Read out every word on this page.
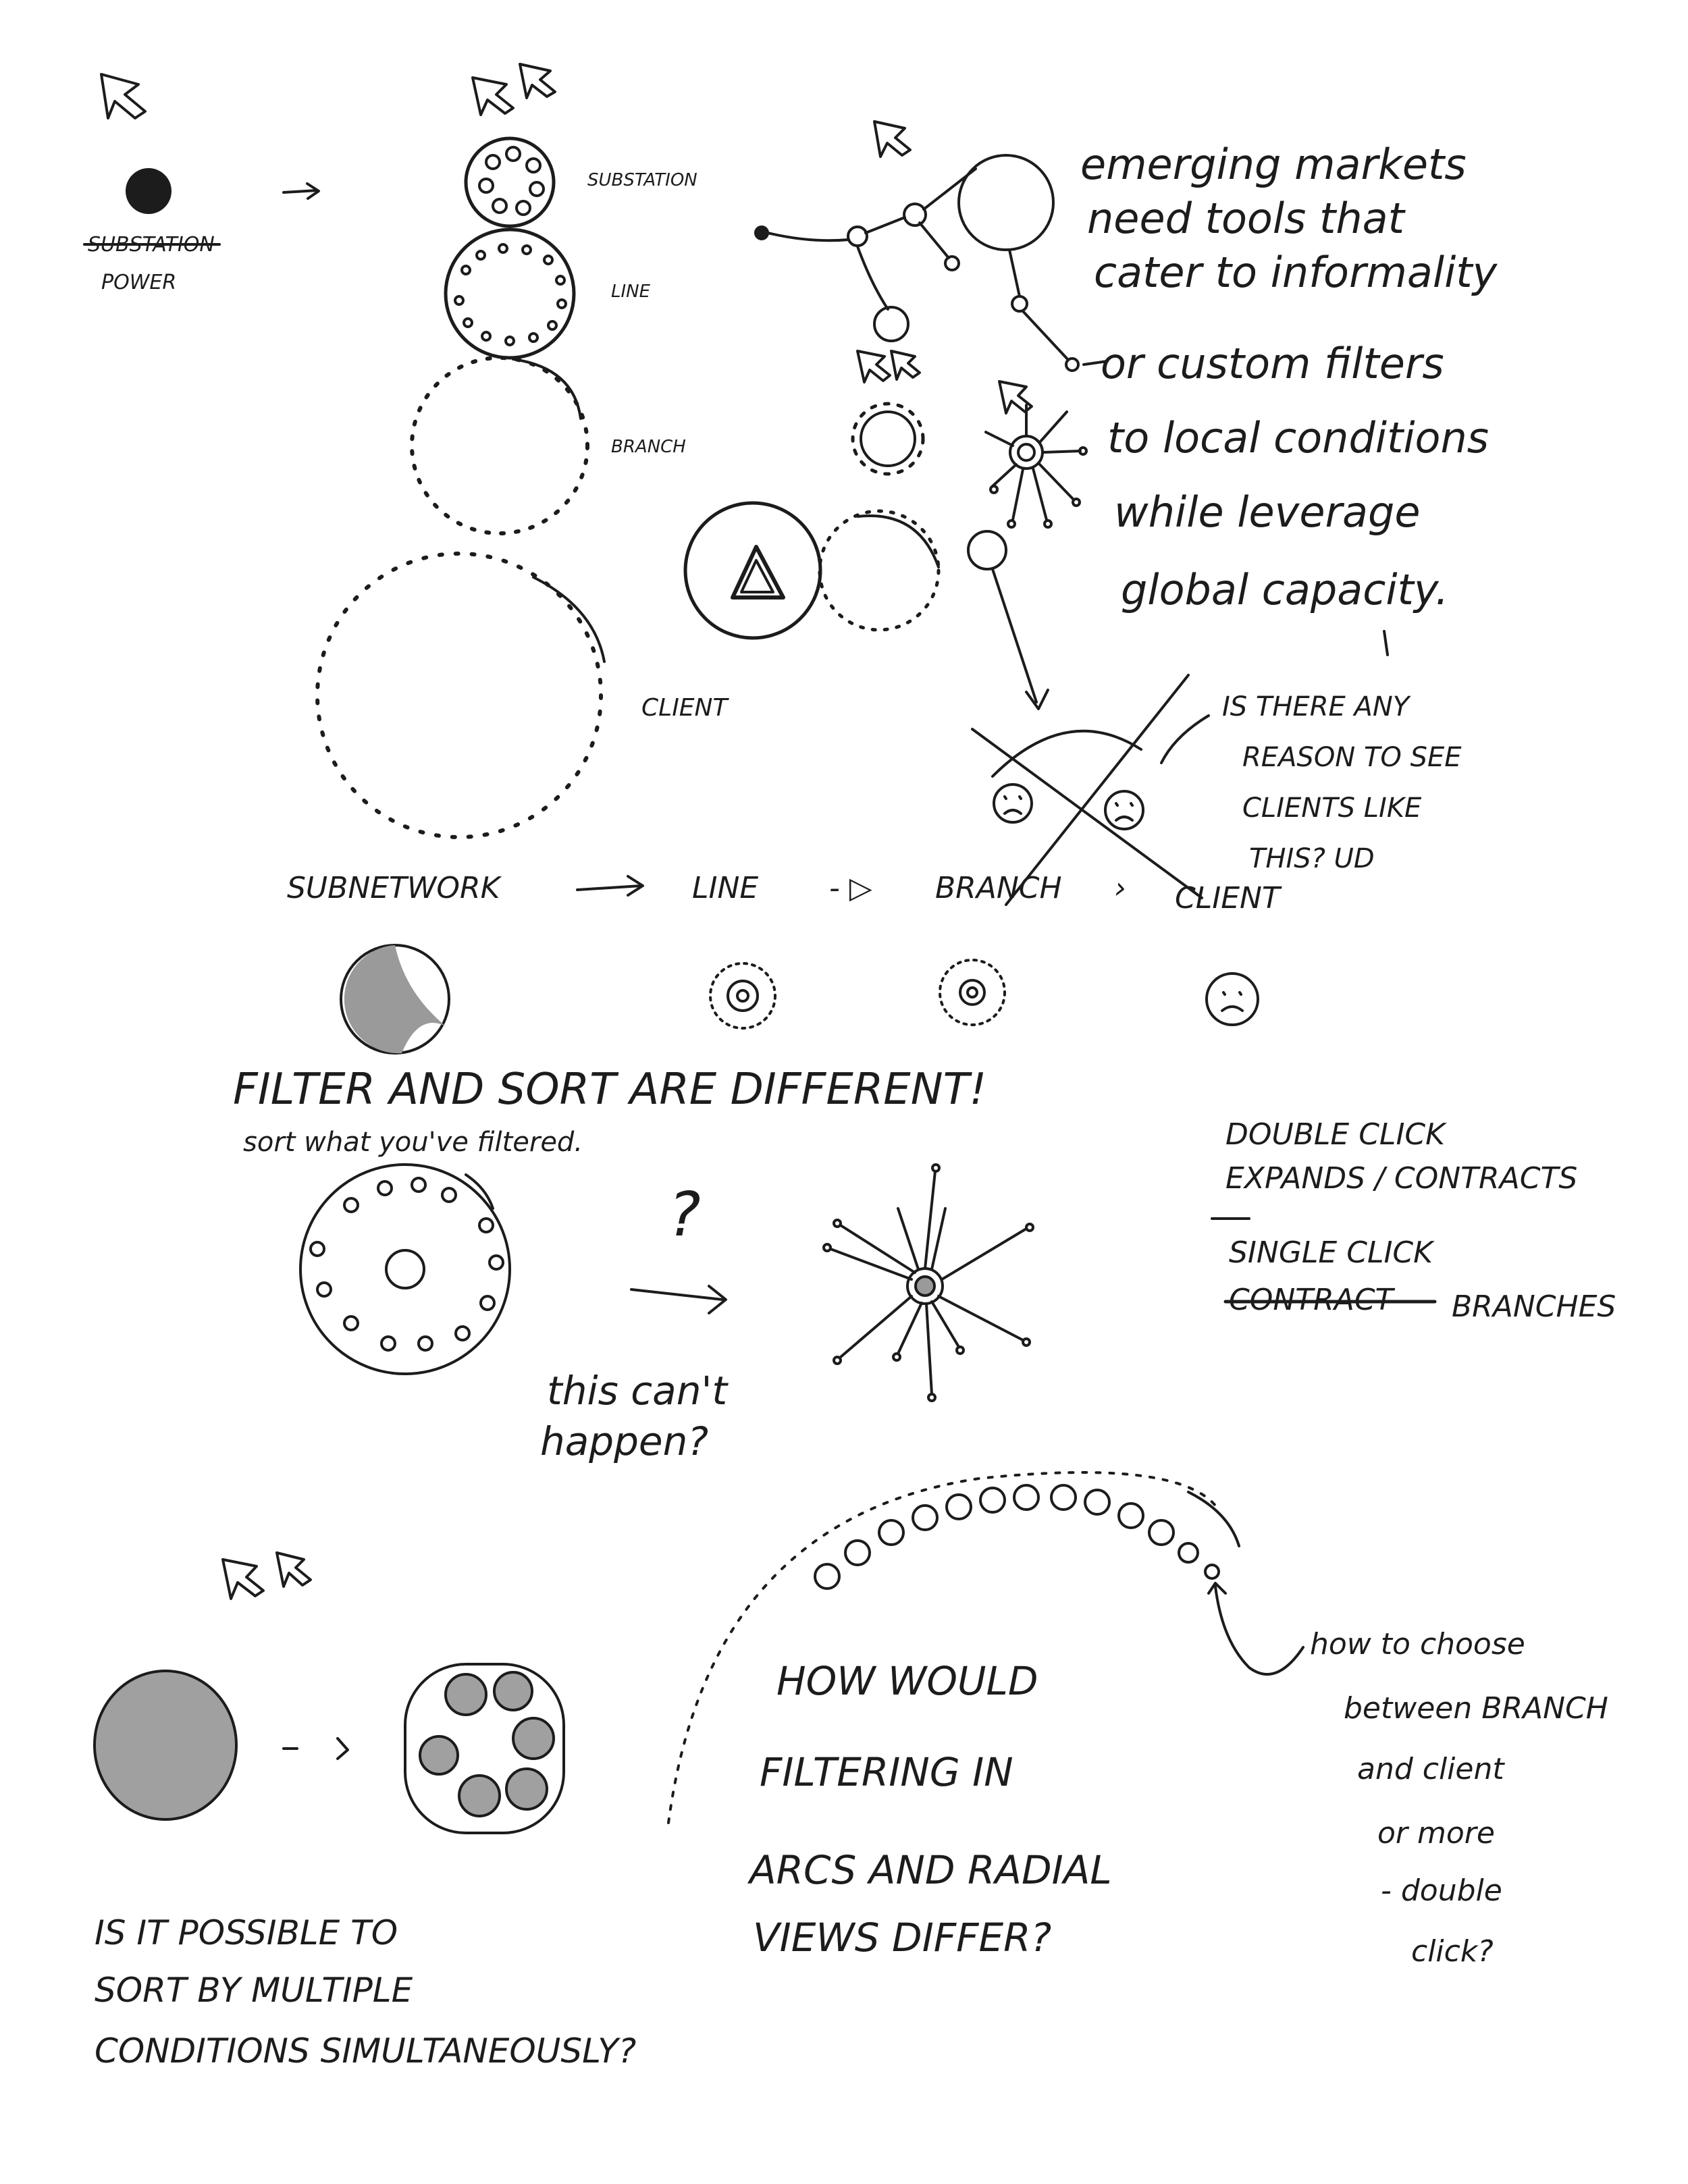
SUBSTATION
POWER
SUBSTATION
LINE
BRANCH
CLIENT
SUBNETWORK	LINE - ▷ BRANCH › CLIENT
emerging markets
need tools that
cater to informality
or custom filters
to local conditions
while leverage
global capacity.
IS THERE ANY
REASON TO SEE
CLIENTS LIKE
THIS? UD
FILTER AND SORT ARE DIFFERENT!
sort what you've filtered.
?
this can't
happen?
DOUBLE CLICK
EXPANDS / CONTRACTS
SINGLE CLICK
CONTRACT BRANCHES
HOW WOULD
FILTERING IN
ARCS AND RADIAL
VIEWS DIFFER?
how to choose
between BRANCH
and client
or more
- double
click?
IS IT POSSIBLE TO
SORT BY MULTIPLE
CONDITIONS SIMULTANEOUSLY?
